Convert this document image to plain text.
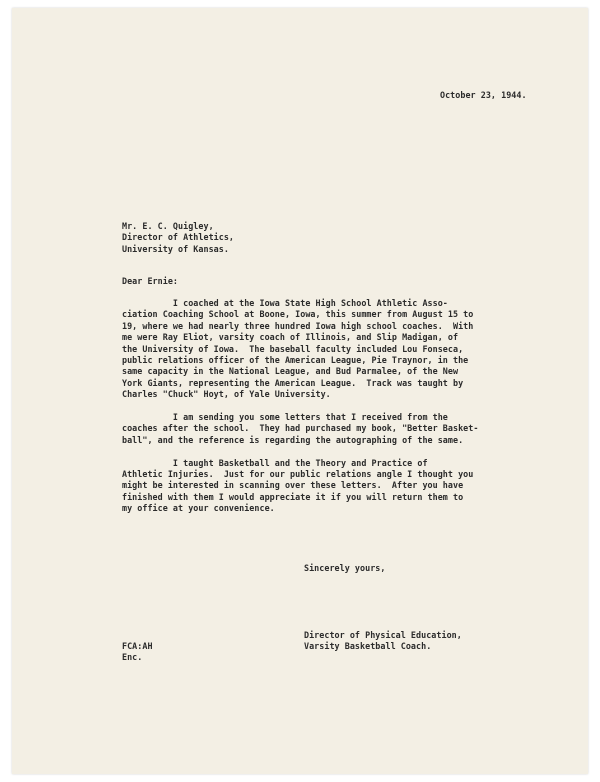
October 23, 1944.

Mr. E. C. Quigley,

Director of Athletics,

University of Kansas.

Dear Ernie:

I coached at the Iowa State High School Athletic Asso-

ciation Coaching School at Boone, Iowa, this summer from August 15 to

19, where we had nearly three hundred Iowa high school coaches.  With

me were Ray Eliot, varsity coach of Illinois, and Slip Madigan, of

the University of Iowa.  The baseball faculty included Lou Fonseca,

public relations officer of the American League, Pie Traynor, in the

same capacity in the National League, and Bud Parmalee, of the New

York Giants, representing the American League.  Track was taught by

Charles "Chuck" Hoyt, of Yale University.

I am sending you some letters that I received from the

coaches after the school.  They had purchased my book, "Better Basket-

ball", and the reference is regarding the autographing of the same.

I taught Basketball and the Theory and Practice of

Athletic Injuries.  Just for our public relations angle I thought you

might be interested in scanning over these letters.  After you have

finished with them I would appreciate it if you will return them to

my office at your convenience.

Sincerely yours,

Director of Physical Education,

Varsity Basketball Coach.

FCA:AH

Enc.
